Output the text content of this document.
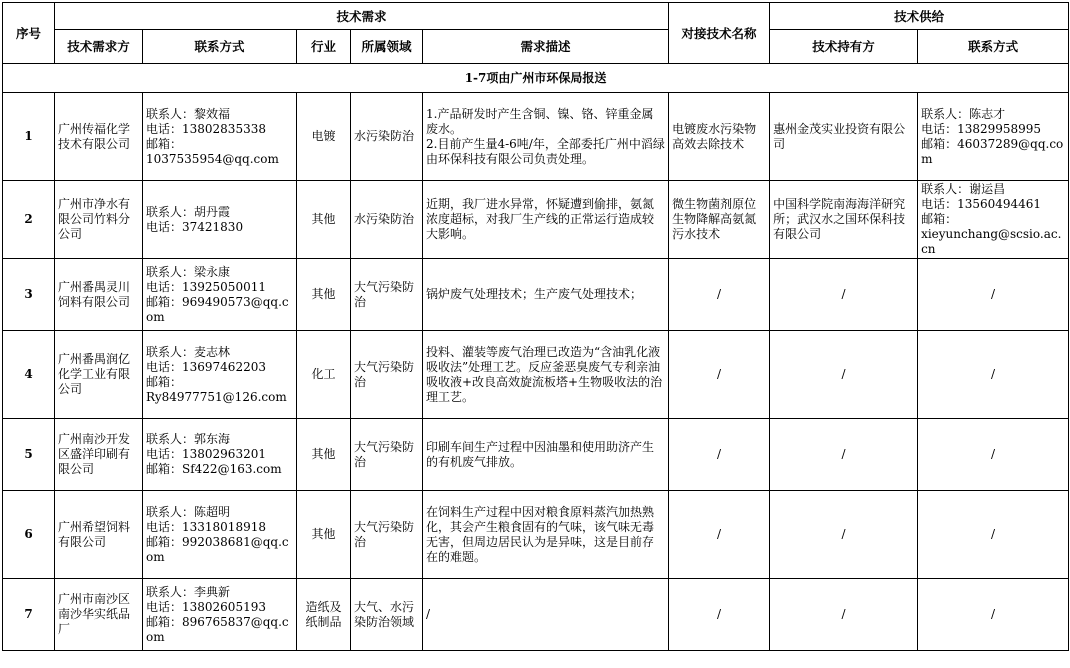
序号	技术需求					对接技术名称	技术供给	
	技术需求方	联系方式	行业	所属领域	需求描述		技术持有方	联系方式
1-7项由广州市环保局报送								
1	广州传福化学技术有限公司	联系人：黎效福
电话：13802835338
邮箱：
1037535954@qq.com	电镀	水污染防治	1.产品研发时产生含铜、镍、铬、锌重金属废水。
2.目前产生量4-6吨/年，全部委托广州中滔绿由环保科技有限公司负责处理。	电镀废水污染物高效去除技术	惠州金茂实业投资有限公司	联系人：陈志才
电话：13829958995
邮箱：46037289@qq.com

2	广州市净水有限公司竹料分公司	联系人：胡丹霞
电话：37421830	其他	水污染防治	近期，我厂进水异常，怀疑遭到偷排，氨氮浓度超标，对我厂生产线的正常运行造成较大影响。	微生物菌剂原位生物降解高氨氮污水技术	中国科学院南海海洋研究所；武汉水之国环保科技有限公司	联系人：谢运昌
电话：13560494461
邮箱：
xieyunchang@scsio.ac.cn

3	广州番禺灵川饲料有限公司	联系人：梁永康
电话：13925050011
邮箱：969490573@qq.com	其他	大气污染防治	锅炉废气处理技术；生产废气处理技术；	/	/	/

4	广州番禺润亿化学工业有限公司	联系人：麦志林
电话：13697462203
邮箱：
Ry84977751@126.com	化工	大气污染防治	投料、灌装等废气治理已改造为“含油乳化液吸收法”处理工艺。反应釜恶臭废气专利亲油吸收液+改良高效旋流板塔+生物吸收法的治理工艺。	/	/	/

5	广州南沙开发区盛洋印刷有限公司	联系人：郭东海
电话：13802963201
邮箱：Sf422@163.com	其他	大气污染防治	印刷车间生产过程中因油墨和使用助济产生的有机废气排放。	/	/	/

6	广州希望饲料有限公司	联系人：陈超明
电话：13318018918
邮箱：992038681@qq.com	其他	大气污染防治	在饲料生产过程中因对粮食原料蒸汽加热熟化，其会产生粮食固有的气味，该气味无毒无害，但周边居民认为是异味，这是目前存在的难题。	/	/	/

7	广州市南沙区南沙华实纸品厂	联系人：李典新
电话：13802605193
邮箱：896765837@qq.com	造纸及纸制品	大气、水污染防治领域	/	/	/	/
